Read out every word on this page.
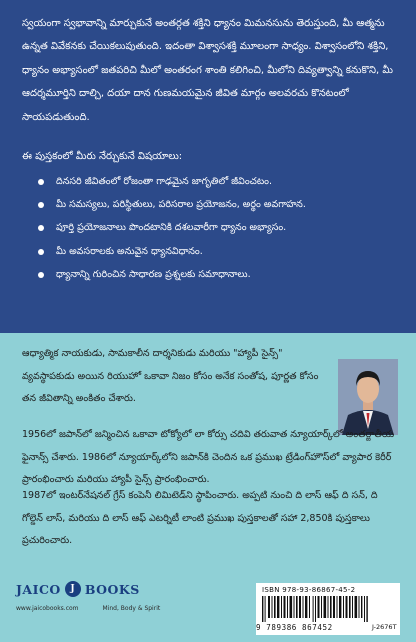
స్వయంగా స్వభావాన్ని మార్చుకునే అంతర్గత శక్తిని ధ్యానం మిమనసును తెరుస్తుంది, మీ ఆత్మను ఉన్నత వివేకనకు చేయికలుపుతుంది. ఇదంతా విశ్వాసశక్తి మూలంగా సాధ్యం. విశ్వాసంలోని శక్తిని, ధ్యానం అభ్యాసంలో జతపరిచి మీలో అంతరంగ శాంతి కలిగించి, మీలోని దివ్యత్వాన్ని కనుకొని, మీ ఆదర్శమూర్తిని దాల్చి, దయా దాన గుణమయమైన జీవిత మార్గం అలవరచు కొనటంలో సాయపడుతుంది.

ఈ పుస్తకంలో మీరు నేర్చుకునే విషయాలు:

దినసరి జీవితంలో రోజంతా గాఢమైన జాగృతిలో జీవించటం.
మీ సమస్యలు, పరిస్థితులు, పరిసరాల ప్రయోజనం, అర్థం అవగాహన.
పూర్తి ప్రయోజనాలు పొందటానికి దశలవారీగా ధ్యానం అభ్యాసం.
మీ అవసరాలకు అనువైన ధ్యానవిధానం.
ధ్యానాన్ని గురించిన సాధారణ ప్రశ్నలకు సమాధానాలు.

ఆధ్యాత్మిక నాయకుడు, సామకాలీన దార్శనికుడు మరియు "హ్యాపీ సైన్స్" వ్యవస్థాపకుడు అయిన రియుహో ఒకావా నిజం కోసం అనేక సంతోష, పూర్ణత కోసం తన జీవితాన్ని అంకితం చేశారు.

1956లో జపాన్‌లో జన్మించిన ఒకావా టోక్యోలో లా కోర్సు చదివి తరువాత న్యూయార్క్‌లో అంతర్జాతీయ ఫైనాన్స్ చేశారు. 1986లో న్యూయార్క్‌లోని జపాన్‌కి చెందిన ఒక ప్రముఖ ట్రేడింగ్‌హౌస్‌లో వ్యాపార కెరీర్ ప్రారంభించారు మరియు హ్యాపీ సైన్స్ ప్రారంభించారు.

1987లో ఇంటర్‌నేషనల్ గ్రేస్ కంపెనీ లిమిటెడ్‌ని స్థాపించారు. అప్పటి నుంచి ది లాస్ ఆఫ్ ది సన్, ది గోల్డెన్ లాస్, మరియు ది లాస్ ఆఫ్ ఎటర్నిటీ లాంటి ప్రముఖ పుస్తకాలతో సహా 2,850కి పుస్తకాలు ప్రచురించారు.

JAICO J BOOKS
www.jaicobooks.com	Mind, Body & Spirit
ISBN 978-93-86867-45-2
9 789386 867452	J-2676T
